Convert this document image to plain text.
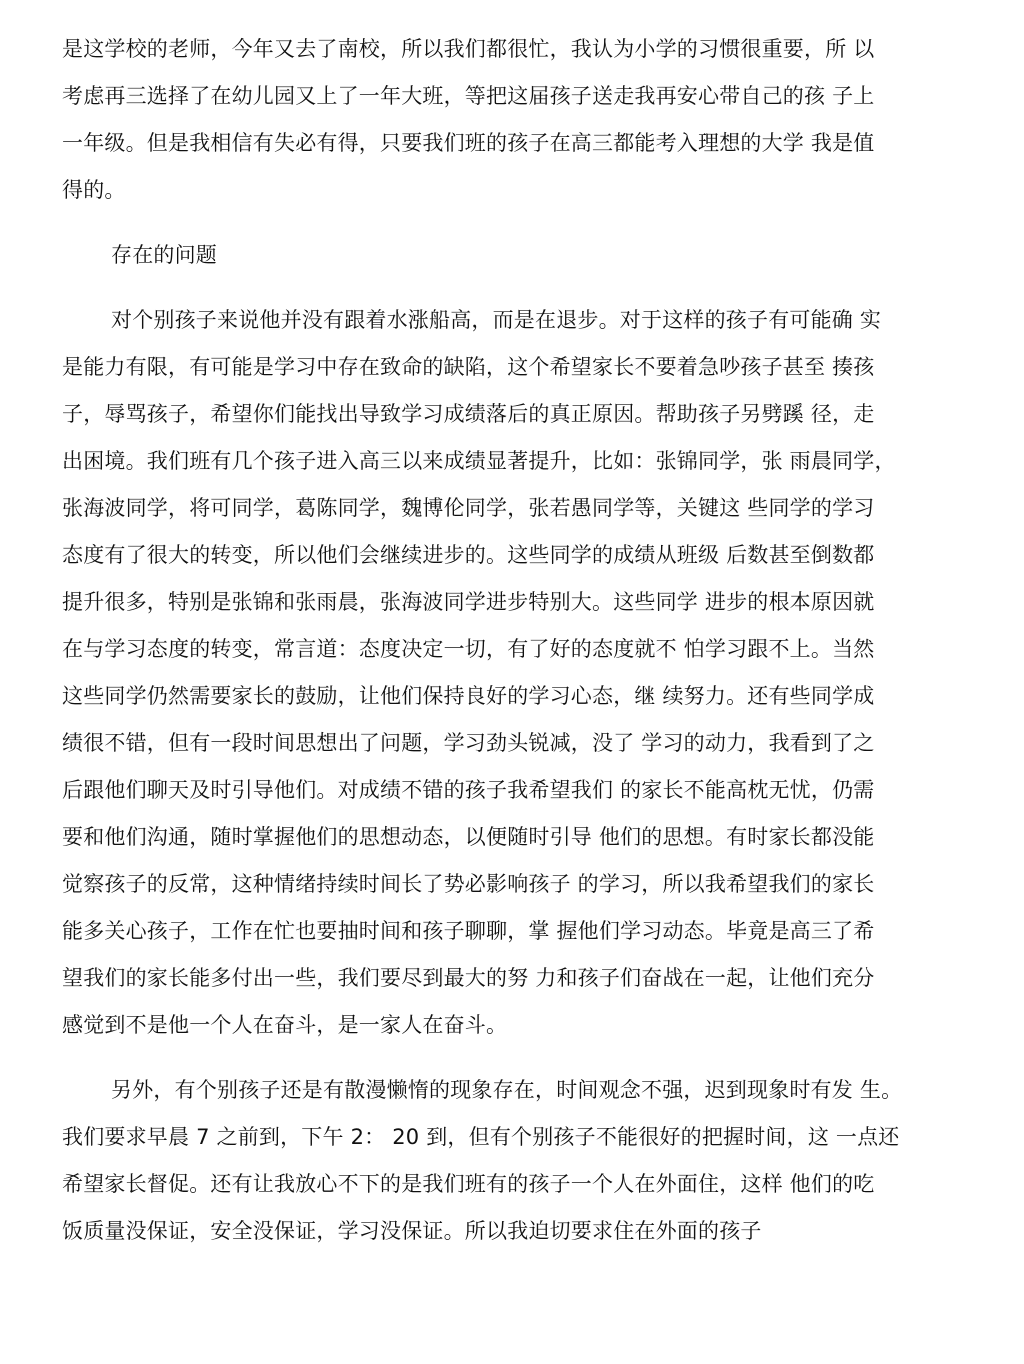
是这学校的老师，今年又去了南校，所以我们都很忙，我认为小学的习惯很重要，所 以
考虑再三选择了在幼儿园又上了一年大班，等把这届孩子送走我再安心带自己的孩 子上
一年级。但是我相信有失必有得，只要我们班的孩子在高三都能考入理想的大学 我是值
得的。
存在的问题
对个别孩子来说他并没有跟着水涨船高，而是在退步。对于这样的孩子有可能确 实
是能力有限，有可能是学习中存在致命的缺陷，这个希望家长不要着急吵孩子甚至 揍孩
子，辱骂孩子，希望你们能找出导致学习成绩落后的真正原因。帮助孩子另劈蹊 径，走
出困境。我们班有几个孩子进入高三以来成绩显著提升，比如：张锦同学，张 雨晨同学，
张海波同学，将可同学，葛陈同学，魏博伦同学，张若愚同学等，关键这 些同学的学习
态度有了很大的转变，所以他们会继续进步的。这些同学的成绩从班级 后数甚至倒数都
提升很多，特别是张锦和张雨晨，张海波同学进步特别大。这些同学 进步的根本原因就
在与学习态度的转变，常言道：态度决定一切，有了好的态度就不 怕学习跟不上。当然
这些同学仍然需要家长的鼓励，让他们保持良好的学习心态，继 续努力。还有些同学成
绩很不错，但有一段时间思想出了问题，学习劲头锐减，没了 学习的动力，我看到了之
后跟他们聊天及时引导他们。对成绩不错的孩子我希望我们 的家长不能高枕无忧，仍需
要和他们沟通，随时掌握他们的思想动态，以便随时引导 他们的思想。有时家长都没能
觉察孩子的反常，这种情绪持续时间长了势必影响孩子 的学习，所以我希望我们的家长
能多关心孩子，工作在忙也要抽时间和孩子聊聊，掌 握他们学习动态。毕竟是高三了希
望我们的家长能多付出一些，我们要尽到最大的努 力和孩子们奋战在一起，让他们充分
感觉到不是他一个人在奋斗，是一家人在奋斗。
另外，有个别孩子还是有散漫懒惰的现象存在，时间观念不强，迟到现象时有发 生。
我们要求早晨 7 之前到，下午 2： 20 到，但有个别孩子不能很好的把握时间，这 一点还
希望家长督促。还有让我放心不下的是我们班有的孩子一个人在外面住，这样 他们的吃
饭质量没保证，安全没保证，学习没保证。所以我迫切要求住在外面的孩子
